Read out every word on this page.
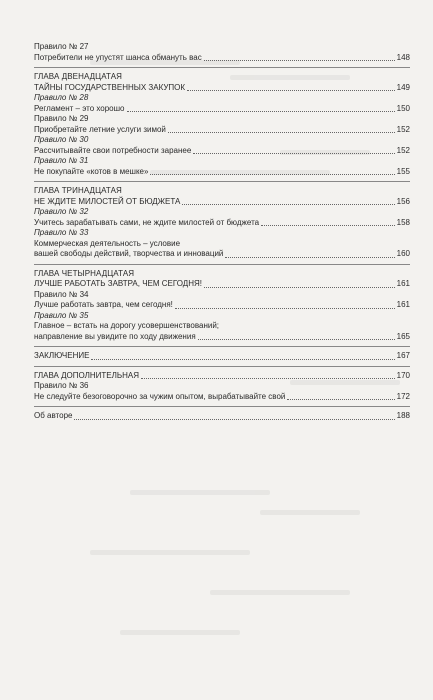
Правило № 27
Потребители не упустят шанса обмануть вас	148
ГЛАВА ДВЕНАДЦАТАЯ
ТАЙНЫ ГОСУДАРСТВЕННЫХ ЗАКУПОК	149
Правило № 28
Регламент – это хорошо	150
Правило № 29
Приобретайте летние услуги зимой	152
Правило № 30
Рассчитывайте свои потребности заранее	152
Правило № 31
Не покупайте «котов в мешке»	155
ГЛАВА ТРИНАДЦАТАЯ
НЕ ЖДИТЕ МИЛОСТЕЙ ОТ БЮДЖЕТА	156
Правило № 32
Учитесь зарабатывать сами, не ждите милостей от бюджета	158
Правило № 33
Коммерческая деятельность – условие
вашей свободы действий, творчества и инноваций	160
ГЛАВА ЧЕТЫРНАДЦАТАЯ
ЛУЧШЕ РАБОТАТЬ ЗАВТРА, ЧЕМ СЕГОДНЯ!	161
Правило № 34
Лучше работать завтра, чем сегодня!	161
Правило № 35
Главное – встать на дорогу усовершенствований;
направление вы увидите по ходу движения	165
ЗАКЛЮЧЕНИЕ	167
ГЛАВА ДОПОЛНИТЕЛЬНАЯ	170
Правило № 36
Не следуйте безоговорочно за чужим опытом, вырабатывайте свой	172
Об авторе	188
